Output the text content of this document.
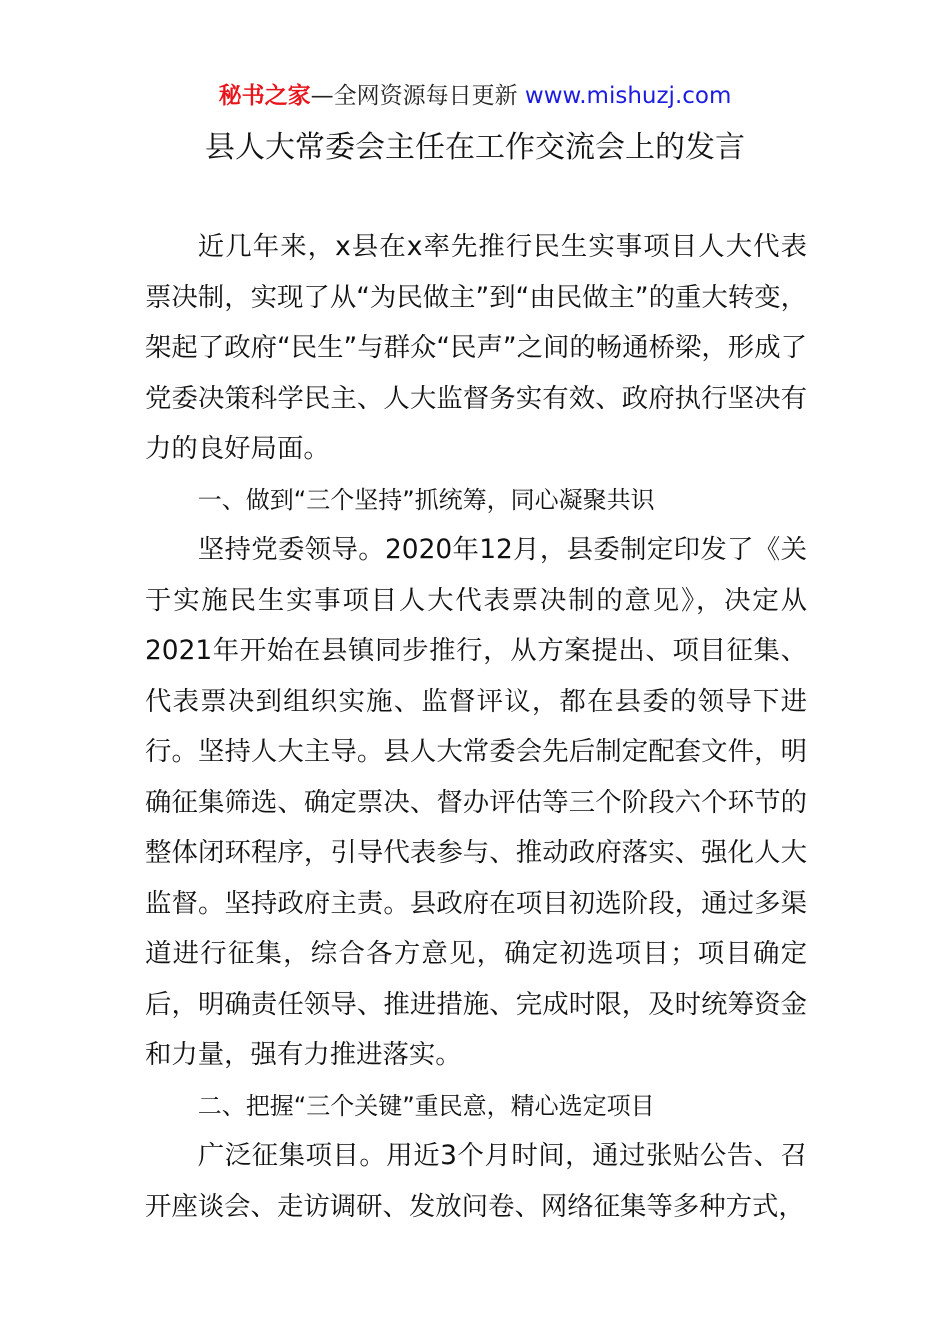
秘书之家—全网资源每日更新 www.mishuzj.com
县人大常委会主任在工作交流会上的发言

近几年来，x县在x率先推行民生实事项目人大代表票决制，实现了从“为民做主”到“由民做主”的重大转变，架起了政府“民生”与群众“民声”之间的畅通桥梁，形成了党委决策科学民主、人大监督务实有效、政府执行坚决有力的良好局面。

一、做到“三个坚持”抓统筹，同心凝聚共识

坚持党委领导。2020年12月，县委制定印发了《关于实施民生实事项目人大代表票决制的意见》，决定从2021年开始在县镇同步推行，从方案提出、项目征集、代表票决到组织实施、监督评议，都在县委的领导下进行。坚持人大主导。县人大常委会先后制定配套文件，明确征集筛选、确定票决、督办评估等三个阶段六个环节的整体闭环程序，引导代表参与、推动政府落实、强化人大监督。坚持政府主责。县政府在项目初选阶段，通过多渠道进行征集，综合各方意见，确定初选项目；项目确定后，明确责任领导、推进措施、完成时限，及时统筹资金和力量，强有力推进落实。

二、把握“三个关键”重民意，精心选定项目

广泛征集项目。用近3个月时间，通过张贴公告、召开座谈会、走访调研、发放问卷、网络征集等多种方式，
